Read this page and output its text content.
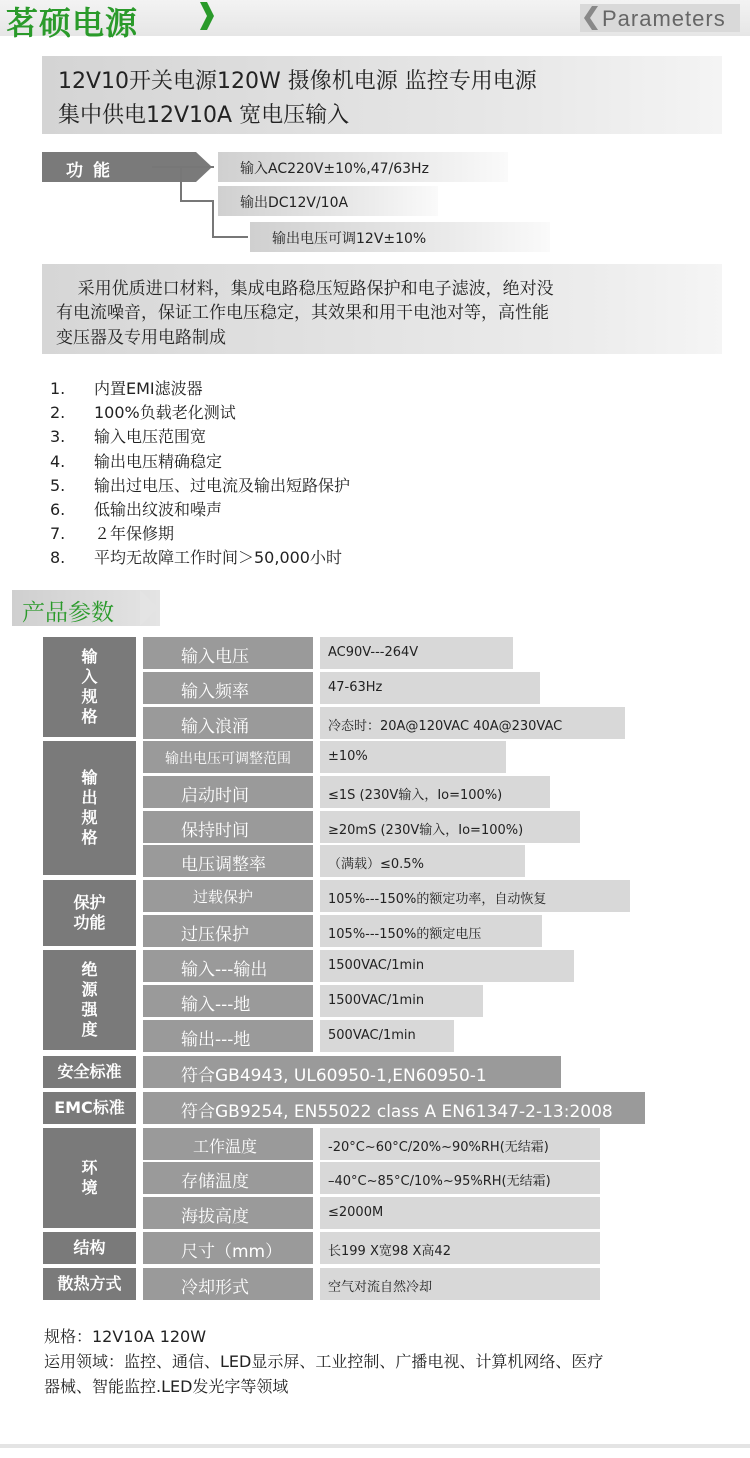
茗硕电源	Parameters
12V10开关电源120W 摄像机电源 监控专用电源
集中供电12V10A 宽电压输入
功能	输入AC220V±10%,47/63Hz
输出DC12V/10A
输出电压可调12V±10%
采用优质进口材料，集成电路稳压短路保护和电子滤波，绝对没
有电流噪音，保证工作电压稳定，其效果和用干电池对等，高性能
变压器及专用电路制成
1. 内置EMI滤波器
2. 100%负载老化测试
3. 输入电压范围宽
4. 输出电压精确稳定
5. 输出过电压、过电流及输出短路保护
6. 低输出纹波和噪声
7. ２年保修期
8. 平均无故障工作时间＞50,000小时
产品参数
输入规格
输出规格
保护功能
绝源强度
安全标准
EMC标准
环境
结构
散热方式
输入电压
输入频率
输入浪涌
输出电压可调整范围
启动时间
保持时间
电压调整率
过载保护
过压保护
输入---输出
输入---地
输出---地
工作温度
存储温度
海拔高度
尺寸（mm）
冷却形式
AC90V---264V
47-63Hz
冷态时：20A@120VAC 40A@230VAC
±10%
≤1S (230V输入，Io=100%)
≥20mS (230V输入，Io=100%)
（满载）≤0.5%
105%---150%的额定功率，自动恢复
105%---150%的额定电压
1500VAC/1min
1500VAC/1min
500VAC/1min
符合GB4943, UL60950-1,EN60950-1
符合GB9254, EN55022 class A EN61347-2-13:2008
-20°C~60°C/20%~90%RH(无结霜)
–40°C~85°C/10%~95%RH(无结霜)
≤2000M
长199 X宽98 X高42
空气对流自然冷却
规格：12V10A 120W
运用领域：监控、通信、LED显示屏、工业控制、广播电视、计算机网络、医疗
器械、智能监控.LED发光字等领域
